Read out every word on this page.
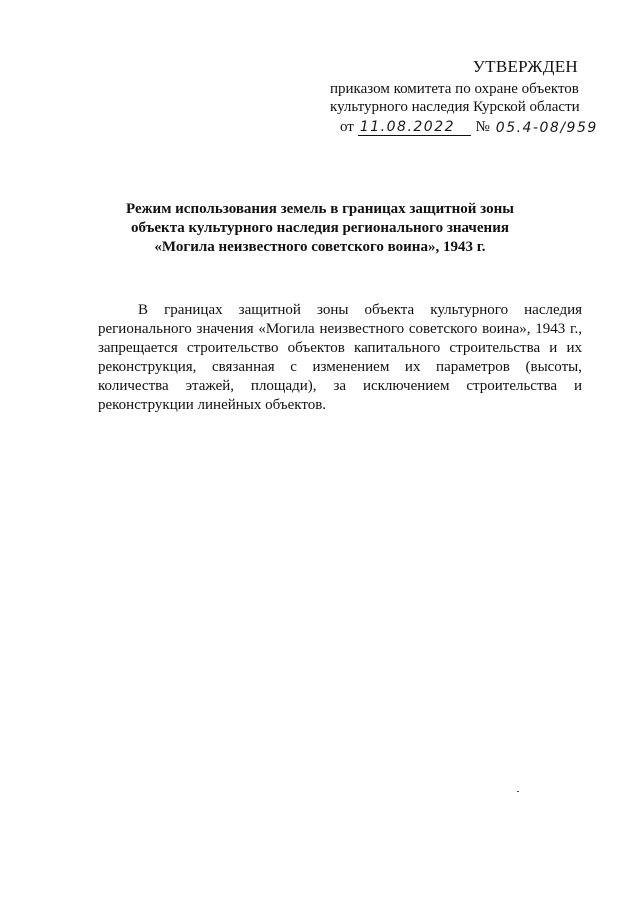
УТВЕРЖДЕН
приказом комитета по охране объектов
культурного наследия Курской области
от 11.08.2022	№ 05.4-08/959
Режим использования земель в границах защитной зоны
объекта культурного наследия регионального значения
«Могила неизвестного советского воина», 1943 г.

В границах защитной зоны объекта культурного наследия регионального значения «Могила неизвестного советского воина», 1943 г., запрещается строительство объектов капитального строительства и их реконструкция, связанная с изменением их параметров (высоты, количества этажей, площади), за исключением строительства и реконструкции линейных объектов.
